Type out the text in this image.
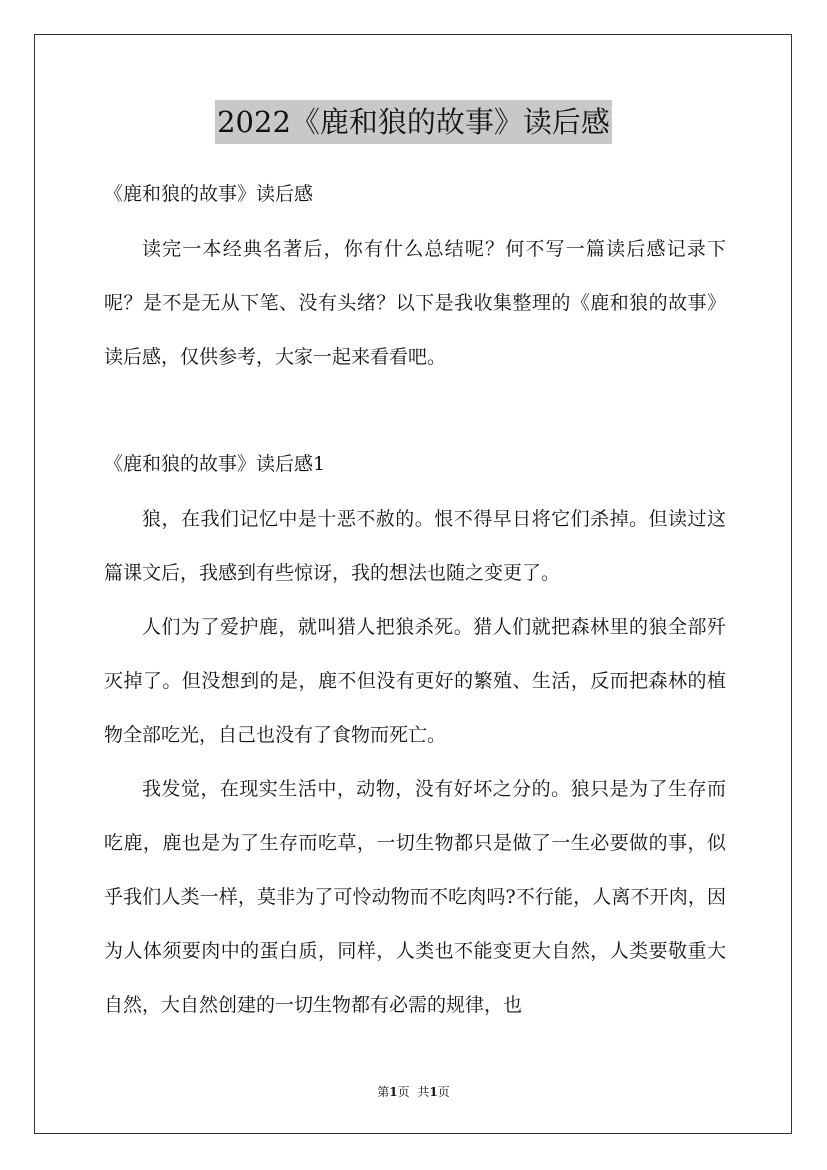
2022《鹿和狼的故事》读后感
《鹿和狼的故事》读后感
读完一本经典名著后，你有什么总结呢？何不写一篇读后感记录下呢？是不是无从下笔、没有头绪？以下是我收集整理的《鹿和狼的故事》读后感，仅供参考，大家一起来看看吧。
《鹿和狼的故事》读后感1
狼，在我们记忆中是十恶不赦的。恨不得早日将它们杀掉。但读过这篇课文后，我感到有些惊讶，我的想法也随之变更了。
人们为了爱护鹿，就叫猎人把狼杀死。猎人们就把森林里的狼全部歼灭掉了。但没想到的是，鹿不但没有更好的繁殖、生活，反而把森林的植物全部吃光，自己也没有了食物而死亡。
我发觉，在现实生活中，动物，没有好坏之分的。狼只是为了生存而吃鹿，鹿也是为了生存而吃草，一切生物都只是做了一生必要做的事，似乎我们人类一样，莫非为了可怜动物而不吃肉吗?不行能，人离不开肉，因为人体须要肉中的蛋白质，同样，人类也不能变更大自然，人类要敬重大自然，大自然创建的一切生物都有必需的规律，也
第1页 共1页
